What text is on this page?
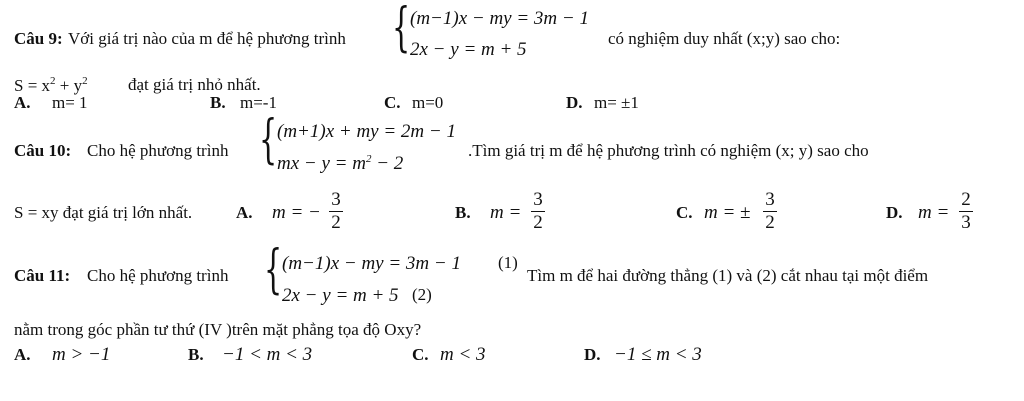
Câu 9: Với giá trị nào của m để hệ phương trình { (m−1)x − my = 3m − 1
2x − y = m + 5
có nghiệm duy nhất (x;y) sao cho:
$S = x^2 + y^2$ đạt giá trị nhỏ nhất.
A. m= 1	B. m=-1	C. m=0	D. m= ±1
Câu 10: Cho hệ phương trình { (m+1)x + my = 2m − 1
mx − $y = m^2 - 2$
.Tìm giá trị m để hệ phương trình có nghiệm (x; y) sao cho
S = xy đạt giá trị lớn nhất.	A. m = −
3
2	B. m =
3
2	C. m = ±
3
2	D. m =
2
3
Câu 11: Cho hệ phương trình { (m−1)x − my = 3m − 1 (1)
2x − y = m + 5 (2)
Tìm m để hai đường thẳng (1) và (2) cắt nhau tại một điểm
nằm trong góc phần tư thứ (IV )trên mặt phẳng tọa độ Oxy?
A. m > −1	B. −1 < m < 3	C. m < 3	D. −1 ≤ m < 3
